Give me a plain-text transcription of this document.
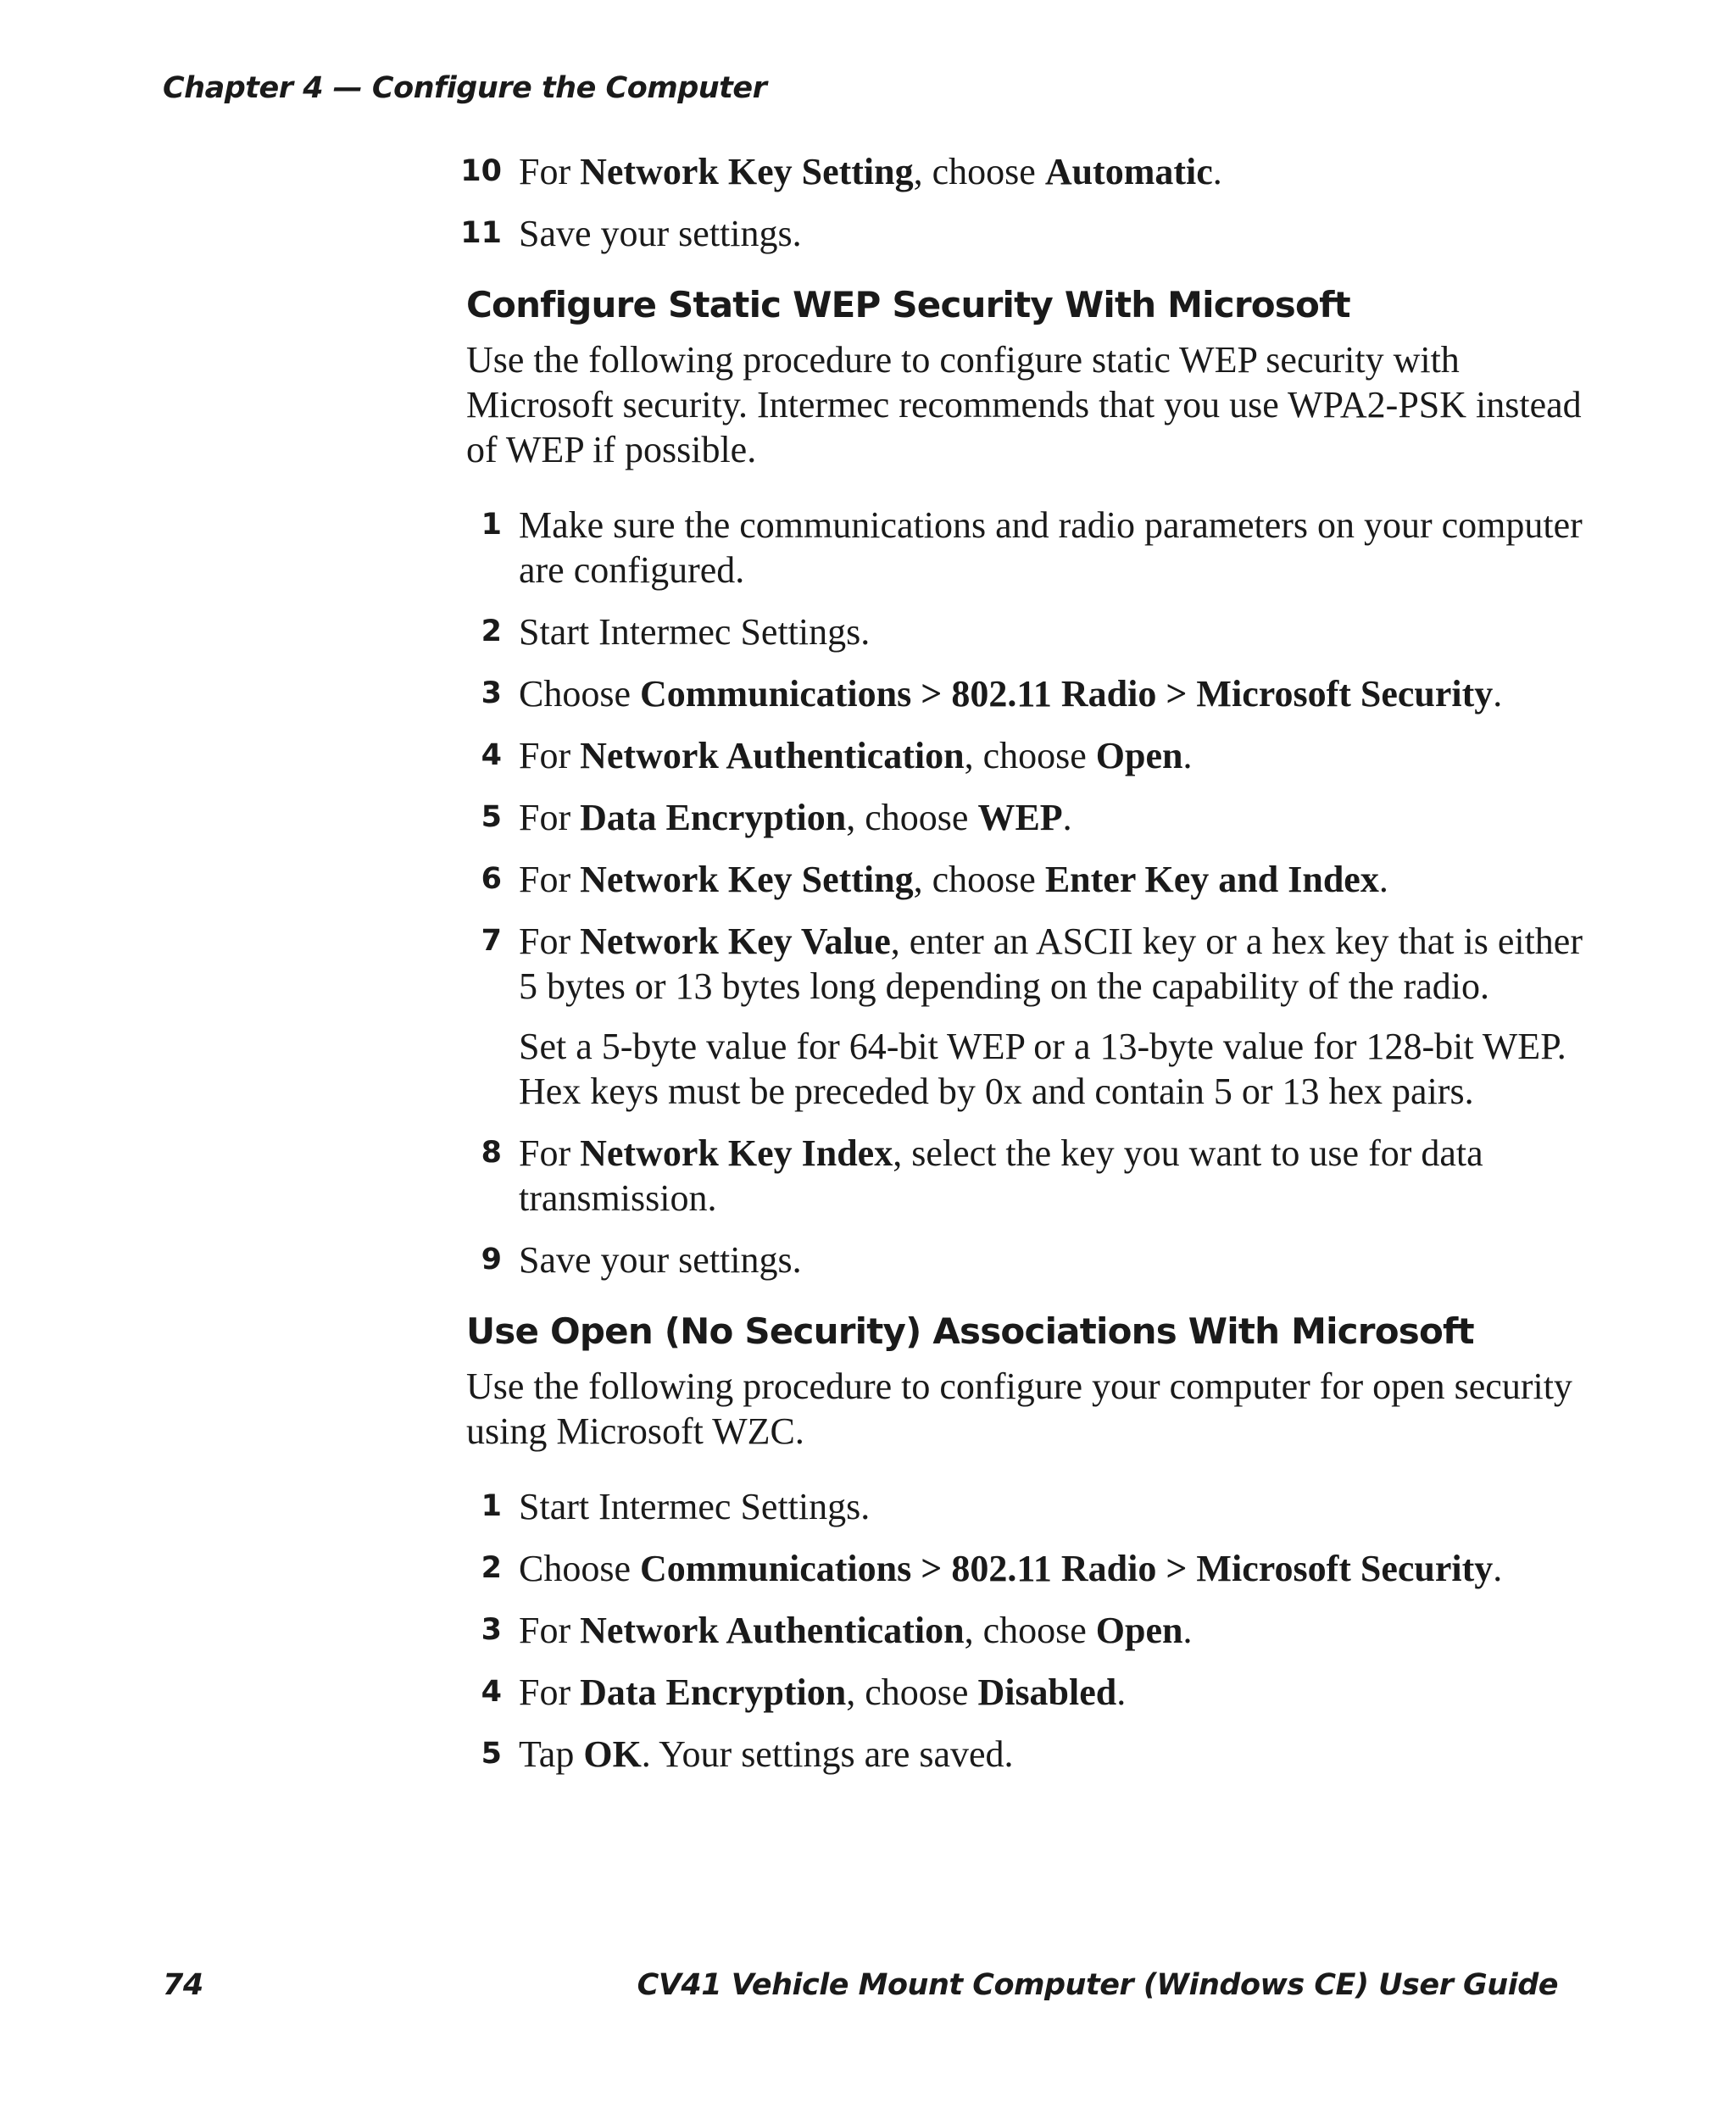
Chapter 4 — Configure the Computer
10 For Network Key Setting, choose Automatic.

11 Save your settings.

Configure Static WEP Security With Microsoft

Use the following procedure to configure static WEP security with Microsoft security. Intermec recommends that you use WPA2-PSK instead of WEP if possible.

1 Make sure the communications and radio parameters on your computer are configured.

2 Start Intermec Settings.

3 Choose Communications > 802.11 Radio > Microsoft Security.

4 For Network Authentication, choose Open.

5 For Data Encryption, choose WEP.

6 For Network Key Setting, choose Enter Key and Index.

7 For Network Key Value, enter an ASCII key or a hex key that is either 5 bytes or 13 bytes long depending on the capability of the radio.

Set a 5-byte value for 64-bit WEP or a 13-byte value for 128-bit WEP. Hex keys must be preceded by 0x and contain 5 or 13 hex pairs.

8 For Network Key Index, select the key you want to use for data transmission.

9 Save your settings.

Use Open (No Security) Associations With Microsoft

Use the following procedure to configure your computer for open security using Microsoft WZC.

1 Start Intermec Settings.

2 Choose Communications > 802.11 Radio > Microsoft Security.

3 For Network Authentication, choose Open.

4 For Data Encryption, choose Disabled.

5 Tap OK. Your settings are saved.

74	CV41 Vehicle Mount Computer (Windows CE) User Guide
